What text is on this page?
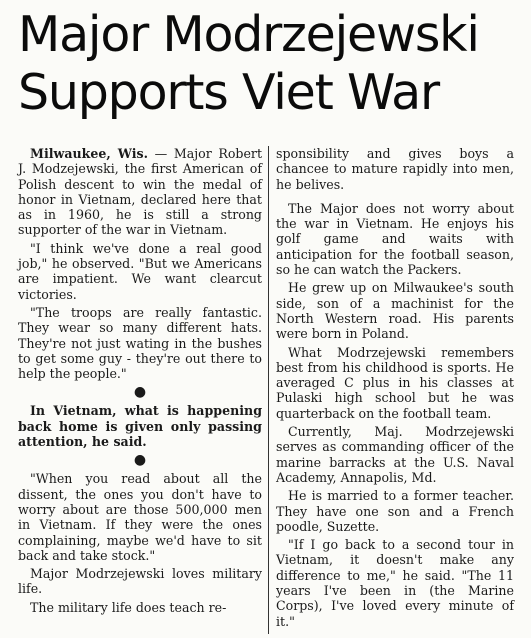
Major Modrzejewski
Supports Viet War

Milwaukee, Wis. — Major Robert J. Modzejewski, the first American of Polish descent to win the medal of honor in Vietnam, declared here that as in 1960, he is still a strong supporter of the war in Vietnam.

"I think we've done a real good job," he observed. "But we Americans are impatient. We want clearcut victories.

"The troops are really fantastic. They wear so many different hats. They're not just wating in the bushes to get some guy - they're out there to help the people."

●

In Vietnam, what is happening back home is given only passing attention, he said.

●

"When you read about all the dissent, the ones you don't have to worry about are those 500,000 men in Vietnam. If they were the ones complaining, maybe we'd have to sit back and take stock."

Major Modrzejewski loves military life.

The military life does teach re-

sponsibility and gives boys a chancee to mature rapidly into men, he belives.

The Major does not worry about the war in Vietnam. He enjoys his golf game and waits with anticipation for the football season, so he can watch the Packers.

He grew up on Milwaukee's south side, son of a machinist for the North Western road. His parents were born in Poland.

What Modrzejewski remembers best from his childhood is sports. He averaged C plus in his classes at Pulaski high school but he was quarterback on the football team.

Currently, Maj. Modrzejewski serves as commanding officer of the marine barracks at the U.S. Naval Academy, Annapolis, Md.

He is married to a former teacher. They have one son and a French poodle, Suzette.

"If I go back to a second tour in Vietnam, it doesn't make any difference to me," he said. "The 11 years I've been in (the Marine Corps), I've loved every minute of it."
